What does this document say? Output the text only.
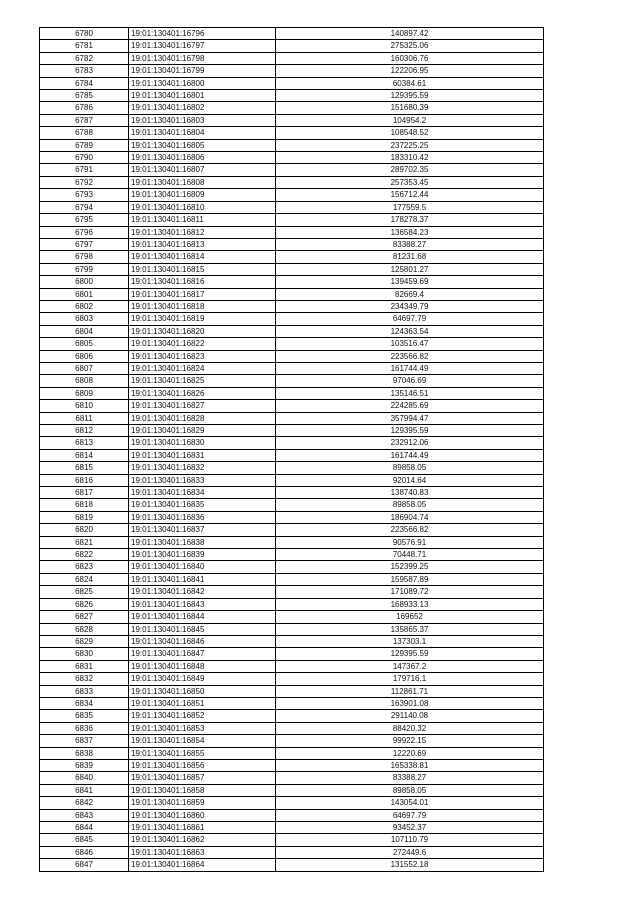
6780	19:01:130401:16796	140897.42
6781	19:01:130401:16797	275325.06
6782	19:01:130401:16798	160306.76
6783	19:01:130401:16799	122206.95
6784	19:01:130401:16800	60384.61
6785	19:01:130401:16801	129395.59
6786	19:01:130401:16802	151680.39
6787	19:01:130401:16803	104954.2
6788	19:01:130401:16804	108548.52
6789	19:01:130401:16805	237225.25
6790	19:01:130401:16806	183310.42
6791	19:01:130401:16807	289702.35
6792	19:01:130401:16808	257353.45
6793	19:01:130401:16809	156712.44
6794	19:01:130401:16810	177559.5
6795	19:01:130401:16811	178278.37
6796	19:01:130401:16812	136584.23
6797	19:01:130401:16813	83388.27
6798	19:01:130401:16814	81231.68
6799	19:01:130401:16815	125801.27
6800	19:01:130401:16816	139459.69
6801	19:01:130401:16817	82669.4
6802	19:01:130401:16818	234349.79
6803	19:01:130401:16819	64697.79
6804	19:01:130401:16820	124363.54
6805	19:01:130401:16822	103516.47
6806	19:01:130401:16823	223566.82
6807	19:01:130401:16824	161744.49
6808	19:01:130401:16825	97046.69
6809	19:01:130401:16826	135146.51
6810	19:01:130401:16827	224285.69
6811	19:01:130401:16828	357994.47
6812	19:01:130401:16829	129395.59
6813	19:01:130401:16830	232912.06
6814	19:01:130401:16831	161744.49
6815	19:01:130401:16832	89858.05
6816	19:01:130401:16833	92014.64
6817	19:01:130401:16834	138740.83
6818	19:01:130401:16835	89858.05
6819	19:01:130401:16836	186904.74
6820	19:01:130401:16837	223566.82
6821	19:01:130401:16838	90576.91
6822	19:01:130401:16839	70448.71
6823	19:01:130401:16840	152399.25
6824	19:01:130401:16841	159587.89
6825	19:01:130401:16842	171089.72
6826	19:01:130401:16843	168933.13
6827	19:01:130401:16844	169652
6828	19:01:130401:16845	135865.37
6829	19:01:130401:16846	137303.1
6830	19:01:130401:16847	129395.59
6831	19:01:130401:16848	147367.2
6832	19:01:130401:16849	179716.1
6833	19:01:130401:16850	112861.71
6834	19:01:130401:16851	163901.08
6835	19:01:130401:16852	291140.08
6836	19:01:130401:16853	88420.32
6837	19:01:130401:16854	99922.15
6838	19:01:130401:16855	12220.69
6839	19:01:130401:16856	165338.81
6840	19:01:130401:16857	83388.27
6841	19:01:130401:16858	89858.05
6842	19:01:130401:16859	143054.01
6843	19:01:130401:16860	64697.79
6844	19:01:130401:16861	93452.37
6845	19:01:130401:16862	107110.79
6846	19:01:130401:16863	272449.6
6847	19:01:130401:16864	131552.18
